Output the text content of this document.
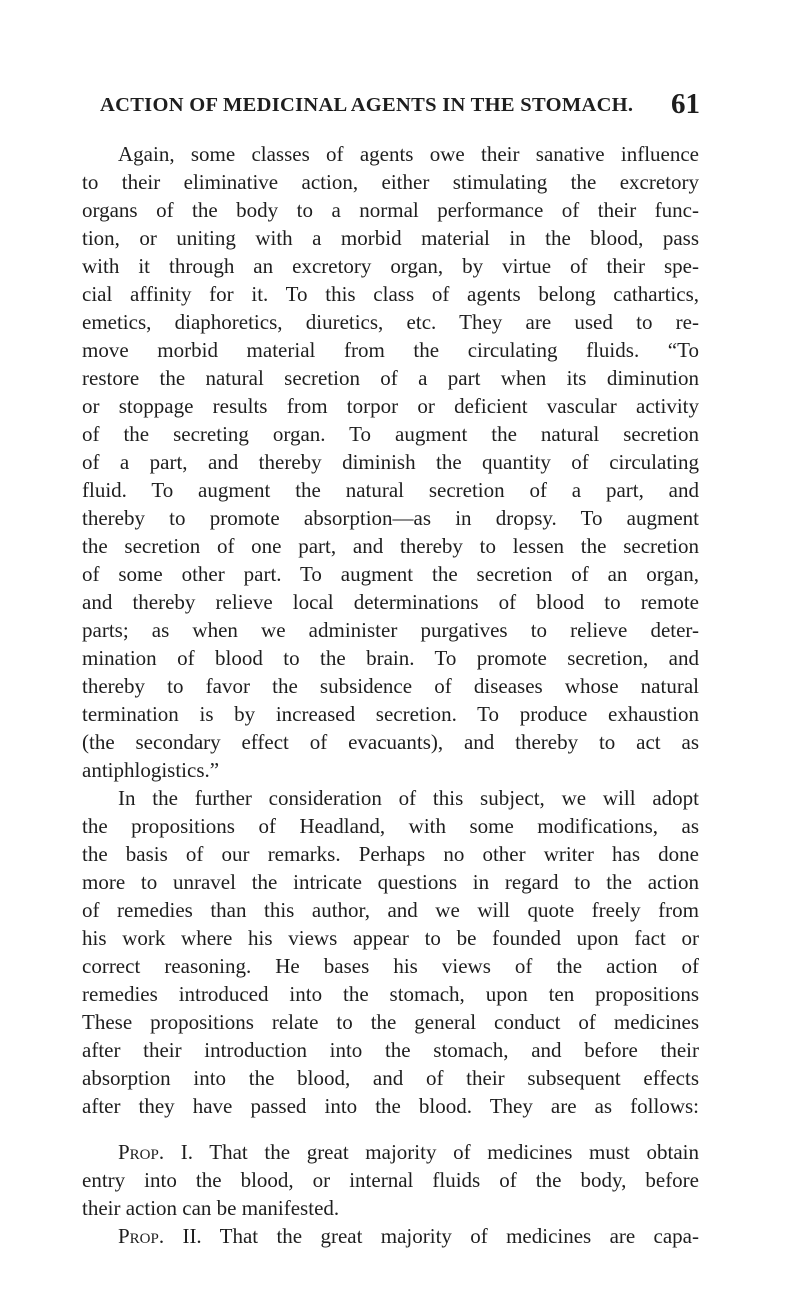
ACTION OF MEDICINAL AGENTS IN THE STOMACH. 61
Again, some classes of agents owe their sanative influence
to their eliminative action, either stimulating the excretory
organs of the body to a normal performance of their func-
tion, or uniting with a morbid material in the blood, pass
with it through an excretory organ, by virtue of their spe-
cial affinity for it. To this class of agents belong cathartics,
emetics, diaphoretics, diuretics, etc. They are used to re-
move morbid material from the circulating fluids. “To
restore the natural secretion of a part when its diminution
or stoppage results from torpor or deficient vascular activity
of the secreting organ. To augment the natural secretion
of a part, and thereby diminish the quantity of circulating
fluid. To augment the natural secretion of a part, and
thereby to promote absorption—as in dropsy. To augment
the secretion of one part, and thereby to lessen the secretion
of some other part. To augment the secretion of an organ,
and thereby relieve local determinations of blood to remote
parts; as when we administer purgatives to relieve deter-
mination of blood to the brain. To promote secretion, and
thereby to favor the subsidence of diseases whose natural
termination is by increased secretion. To produce exhaustion
(the secondary effect of evacuants), and thereby to act as
antiphlogistics.”
In the further consideration of this subject, we will adopt
the propositions of Headland, with some modifications, as
the basis of our remarks. Perhaps no other writer has done
more to unravel the intricate questions in regard to the action
of remedies than this author, and we will quote freely from
his work where his views appear to be founded upon fact or
correct reasoning. He bases his views of the action of
remedies introduced into the stomach, upon ten propositions
These propositions relate to the general conduct of medicines
after their introduction into the stomach, and before their
absorption into the blood, and of their subsequent effects
after they have passed into the blood. They are as follows:
Prop. I. That the great majority of medicines must obtain
entry into the blood, or internal fluids of the body, before
their action can be manifested.
Prop. II. That the great majority of medicines are capa-
